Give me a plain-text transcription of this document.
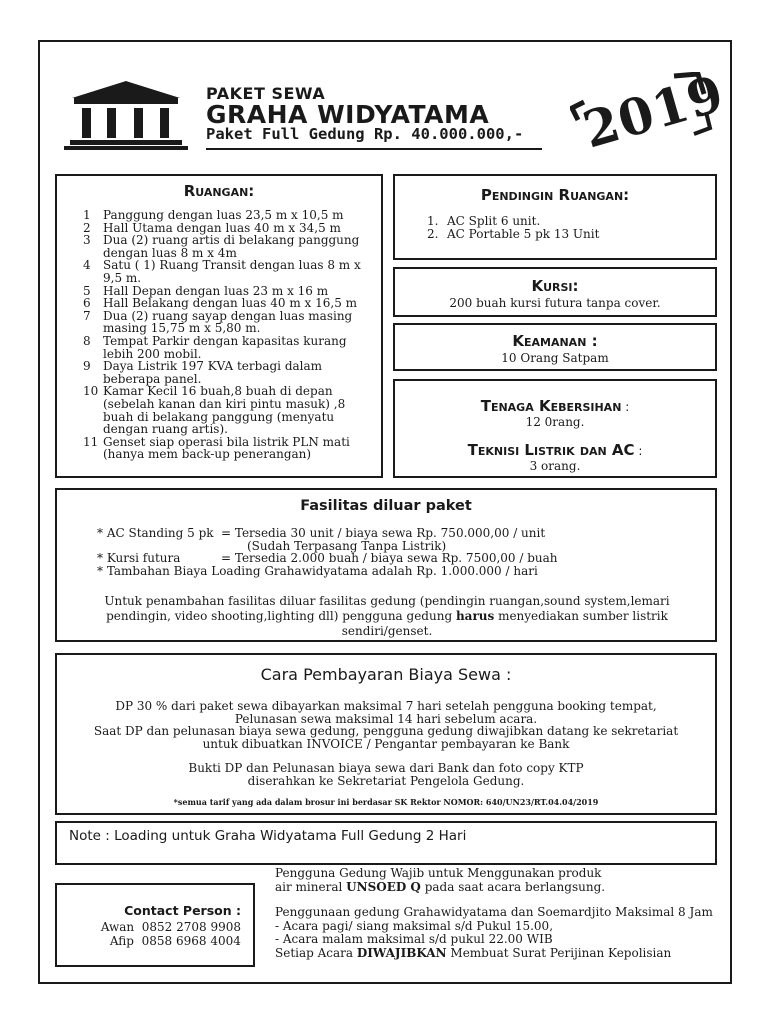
PAKET SEWA
GRAHA WIDYATAMA
Paket Full Gedung Rp. 40.000.000,- 2019
Ruangan:
1	Panggung dengan luas 23,5 m x 10,5 m
2	Hall Utama dengan luas 40 m x 34,5 m
3	Dua (2) ruang artis di belakang panggung
dengan luas 8 m x 4m
4	Satu ( 1) Ruang Transit dengan luas 8 m x
9,5 m.
5	Hall Depan dengan luas 23 m x 16 m
6	Hall Belakang dengan luas 40 m x 16,5 m
7	Dua (2) ruang sayap dengan luas masing
masing 15,75 m x 5,80 m.
8	Tempat Parkir dengan kapasitas kurang
lebih 200 mobil.
9	Daya Listrik 197 KVA terbagi dalam
beberapa panel.
10 Kamar Kecil 16 buah,8 buah di depan
(sebelah kanan dan kiri pintu masuk) ,8
buah di belakang panggung (menyatu
dengan ruang artis).
11 Genset siap operasi bila listrik PLN mati
(hanya mem back-up penerangan)
Pendingin Ruangan:
1. AC Split 6 unit.
2. AC Portable 5 pk 13 Unit
Kursi:
200 buah kursi futura tanpa cover.
Keamanan :
10 Orang Satpam
Tenaga Kebersihan :
12 0rang.
Teknisi Listrik dan AC :
3 orang.
Fasilitas diluar paket
* AC Standing 5 pk = Tersedia 30 unit / biaya sewa Rp. 750.000,00 / unit
(Sudah Terpasang Tanpa Listrik)
* Kursi futura	= Tersedia 2.000 buah / biaya sewa Rp. 7500,00 / buah
* Tambahan Biaya Loading Grahawidyatama adalah Rp. 1.000.000 / hari
Untuk penambahan fasilitas diluar fasilitas gedung (pendingin ruangan,sound system,lemari pendingin, video shooting,lighting dll) pengguna gedung harus menyediakan sumber listrik sendiri/genset.
Cara Pembayaran Biaya Sewa :
DP 30 % dari paket sewa dibayarkan maksimal 7 hari setelah pengguna booking tempat,
Pelunasan sewa maksimal 14 hari sebelum acara.
Saat DP dan pelunasan biaya sewa gedung, pengguna gedung diwajibkan datang ke sekretariat
untuk dibuatkan INVOICE / Pengantar pembayaran ke Bank
Bukti DP dan Pelunasan biaya sewa dari Bank dan foto copy KTP
diserahkan ke Sekretariat Pengelola Gedung.
*semua tarif yang ada dalam brosur ini berdasar SK Rektor NOMOR: 640/UN23/RT.04.04/2019
Note : Loading untuk Graha Widyatama Full Gedung 2 Hari
Contact Person :
Awan 0852 2708 9908
Afip 0858 6968 4004
Pengguna Gedung Wajib untuk Menggunakan produk
air mineral UNSOED Q pada saat acara berlangsung.
Penggunaan gedung Grahawidyatama dan Soemardjito Maksimal 8 Jam
- Acara pagi/ siang maksimal s/d Pukul 15.00,
- Acara malam maksimal s/d pukul 22.00 WIB
Setiap Acara DIWAJIBKAN Membuat Surat Perijinan Kepolisian
